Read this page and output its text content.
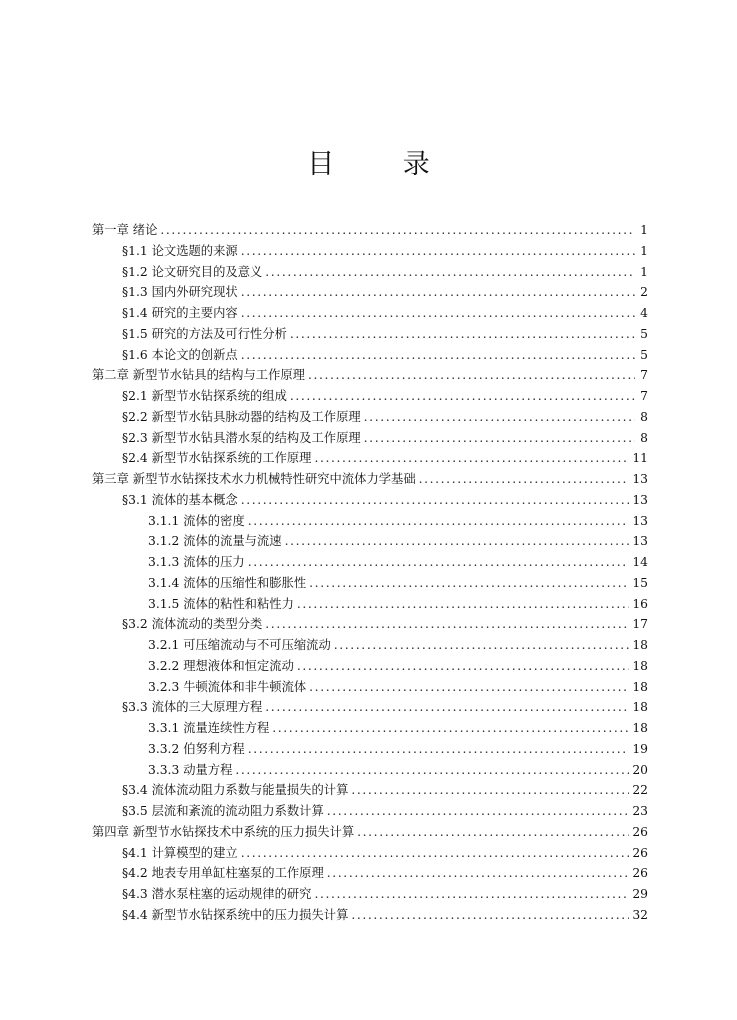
目 录
第一章 绪论 .....	1
§1.1 论文选题的来源 .....	1
§1.2 论文研究目的及意义 .....	1
§1.3 国内外研究现状 .....	2
§1.4 研究的主要内容 .....	4
§1.5 研究的方法及可行性分析 .....	5
§1.6 本论文的创新点 .....	5
第二章 新型节水钻具的结构与工作原理 .....	7
§2.1 新型节水钻探系统的组成 .....	7
§2.2 新型节水钻具脉动器的结构及工作原理 .....	8
§2.3 新型节水钻具潜水泵的结构及工作原理 .....	8
§2.4 新型节水钻探系统的工作原理 .....	11
第三章 新型节水钻探技术水力机械特性研究中流体力学基础 .....	13
§3.1 流体的基本概念 .....	13
3.1.1 流体的密度 .....	13
3.1.2 流体的流量与流速 .....	13
3.1.3 流体的压力 .....	14
3.1.4 流体的压缩性和膨胀性 .....	15
3.1.5 流体的粘性和粘性力 .....	16
§3.2 流体流动的类型分类 .....	17
3.2.1 可压缩流动与不可压缩流动 .....	18
3.2.2 理想液体和恒定流动 .....	18
3.2.3 牛顿流体和非牛顿流体 .....	18
§3.3 流体的三大原理方程 .....	18
3.3.1 流量连续性方程 .....	18
3.3.2 伯努利方程 .....	19
3.3.3 动量方程 .....	20
§3.4 流体流动阻力系数与能量损失的计算 .....	22
§3.5 层流和紊流的流动阻力系数计算 .....	23
第四章 新型节水钻探技术中系统的压力损失计算 .....	26
§4.1 计算模型的建立 .....	26
§4.2 地表专用单缸柱塞泵的工作原理 .....	26
§4.3 潜水泵柱塞的运动规律的研究 .....	29
§4.4 新型节水钻探系统中的压力损失计算 .....	32
